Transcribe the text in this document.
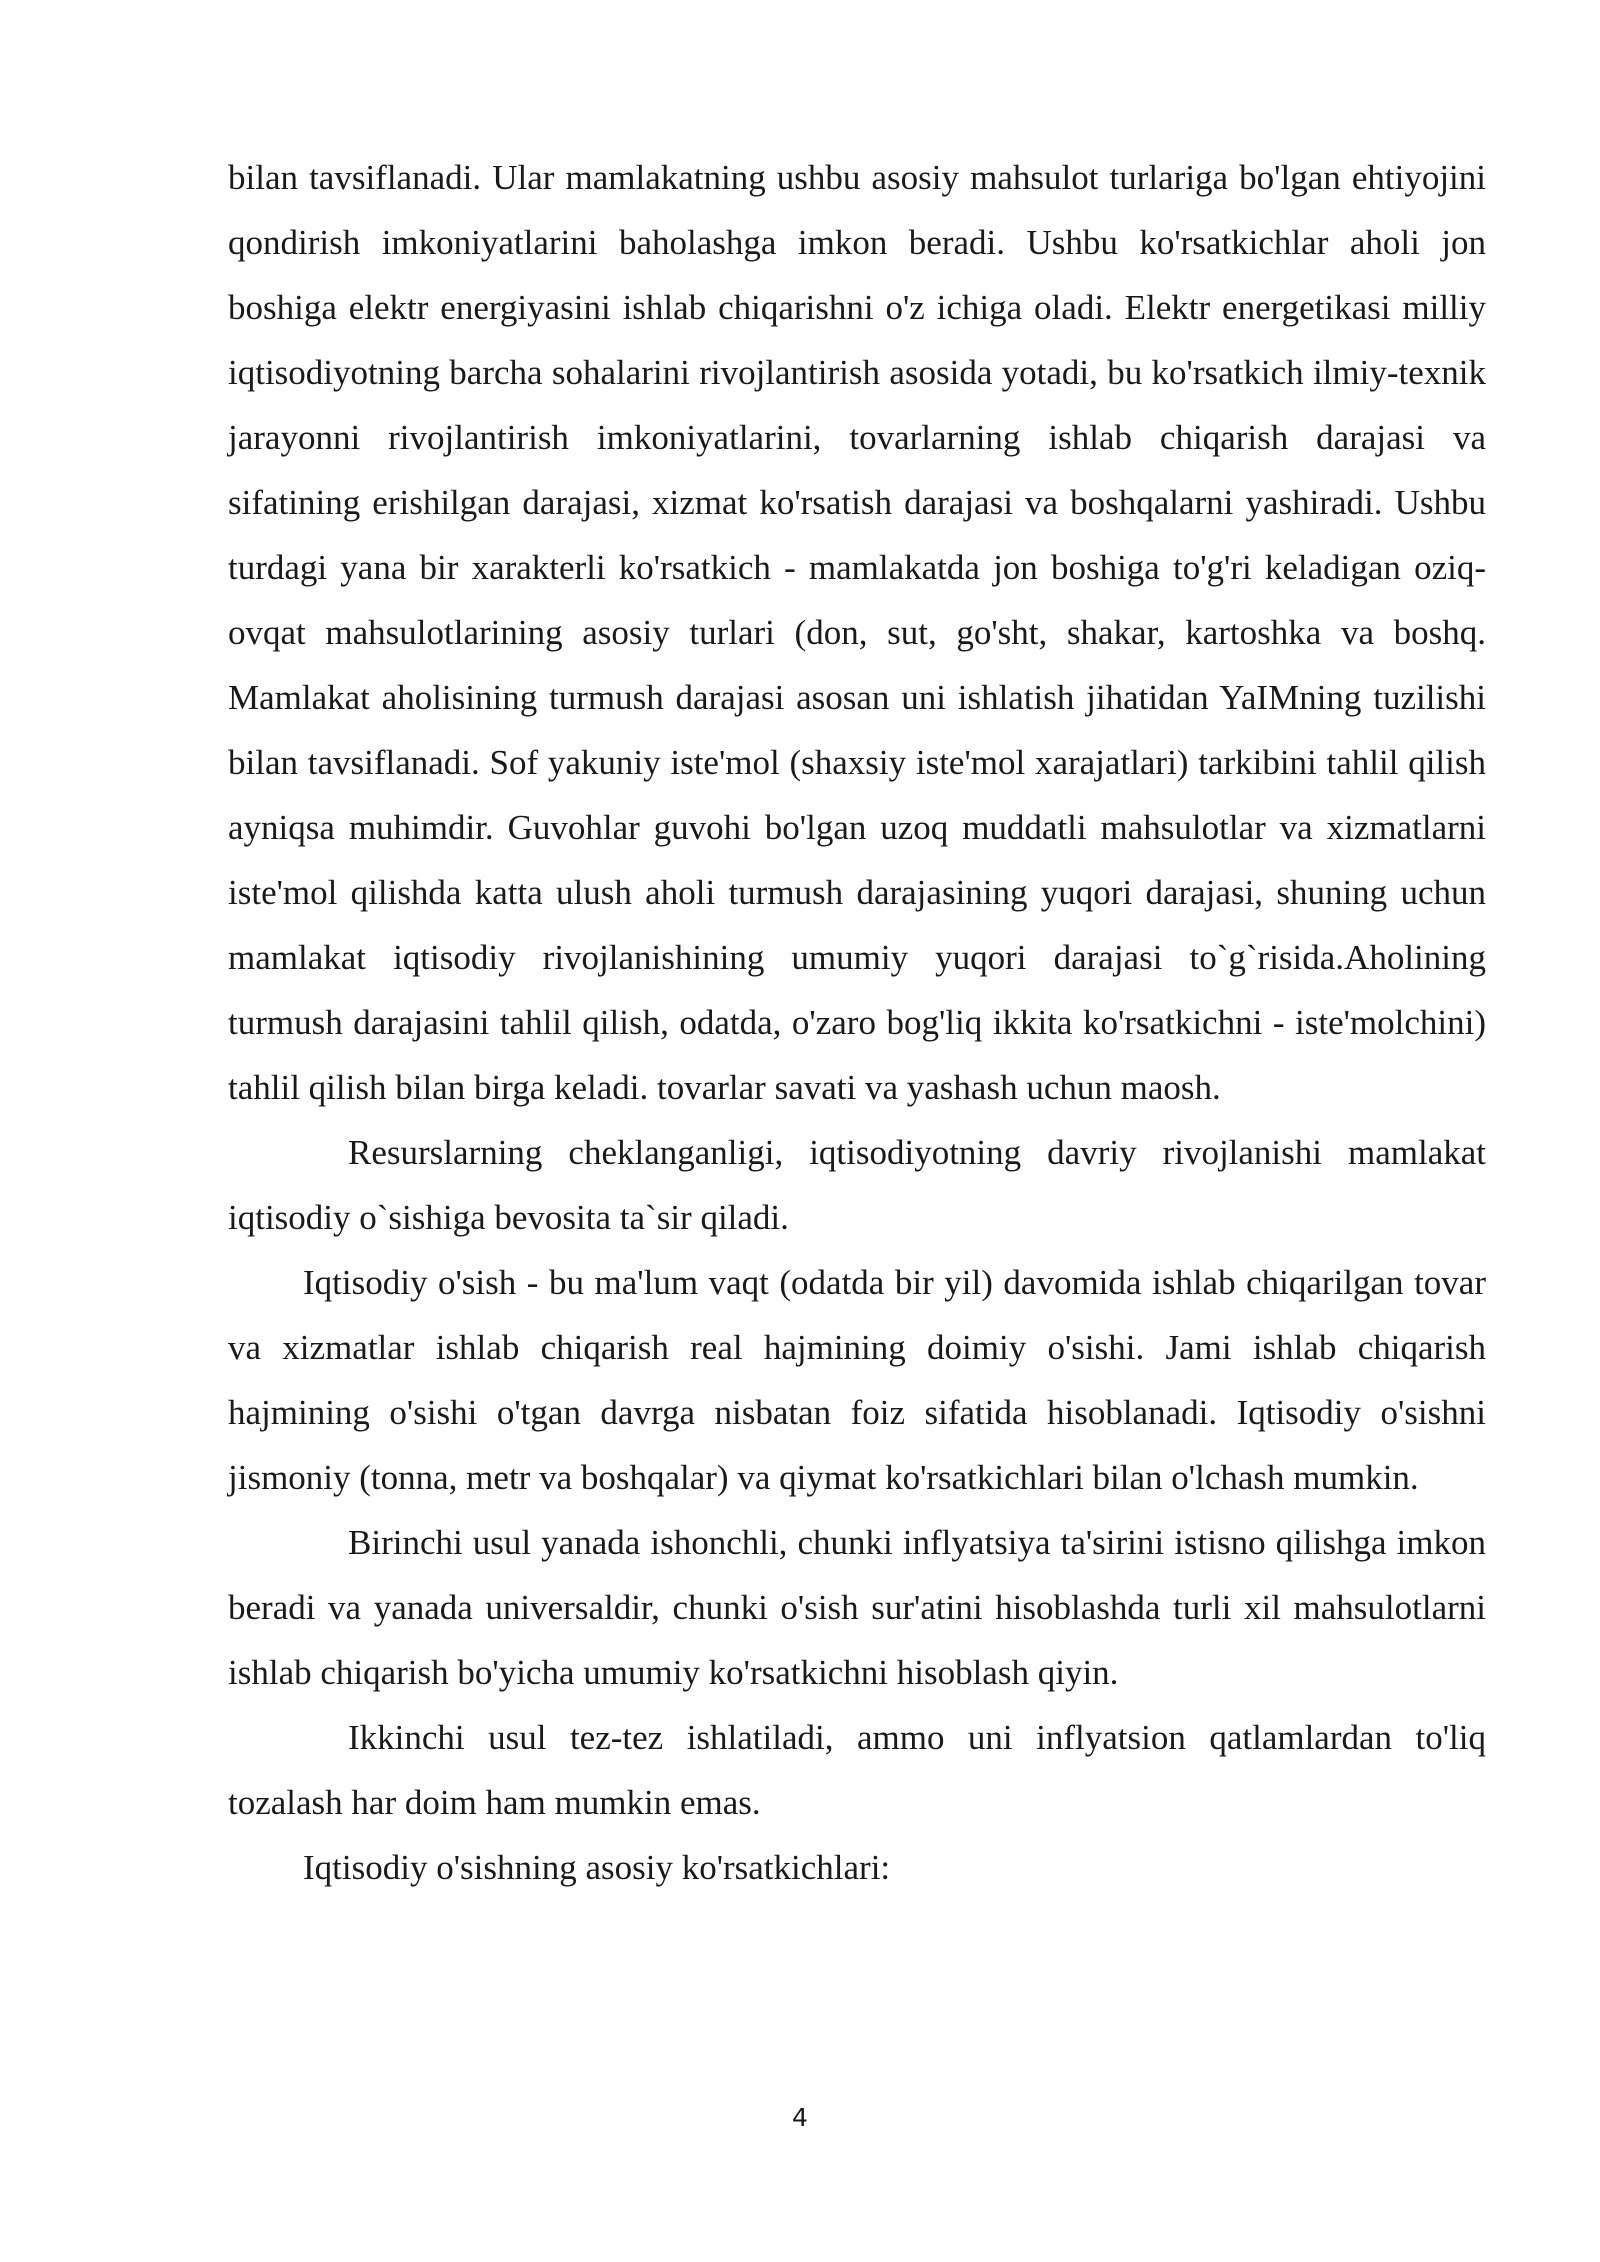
bilan tavsiflanadi. Ular mamlakatning ushbu asosiy mahsulot turlariga bo'lgan ehtiyojini qondirish imkoniyatlarini baholashga imkon beradi. Ushbu ko'rsatkichlar aholi jon boshiga elektr energiyasini ishlab chiqarishni o'z ichiga oladi. Elektr energetikasi milliy iqtisodiyotning barcha sohalarini rivojlantirish asosida yotadi, bu ko'rsatkich ilmiy-texnik jarayonni rivojlantirish imkoniyatlarini, tovarlarning ishlab chiqarish darajasi va sifatining erishilgan darajasi, xizmat ko'rsatish darajasi va boshqalarni yashiradi. Ushbu turdagi yana bir xarakterli ko'rsatkich - mamlakatda jon boshiga to'g'ri keladigan oziq-ovqat mahsulotlarining asosiy turlari (don, sut, go'sht, shakar, kartoshka va boshq. Mamlakat aholisining turmush darajasi asosan uni ishlatish jihatidan YaIMning tuzilishi bilan tavsiflanadi. Sof yakuniy iste'mol (shaxsiy iste'mol xarajatlari) tarkibini tahlil qilish ayniqsa muhimdir. Guvohlar guvohi bo'lgan uzoq muddatli mahsulotlar va xizmatlarni iste'mol qilishda katta ulush aholi turmush darajasining yuqori darajasi, shuning uchun mamlakat iqtisodiy rivojlanishining umumiy yuqori darajasi to`g`risida.Aholining turmush darajasini tahlil qilish, odatda, o'zaro bog'liq ikkita ko'rsatkichni - iste'molchini) tahlil qilish bilan birga keladi. tovarlar savati va yashash uchun maosh.

Resurslarning cheklanganligi, iqtisodiyotning davriy rivojlanishi mamlakat iqtisodiy o`sishiga bevosita ta`sir qiladi.

Iqtisodiy o'sish - bu ma'lum vaqt (odatda bir yil) davomida ishlab chiqarilgan tovar va xizmatlar ishlab chiqarish real hajmining doimiy o'sishi. Jami ishlab chiqarish hajmining o'sishi o'tgan davrga nisbatan foiz sifatida hisoblanadi. Iqtisodiy o'sishni jismoniy (tonna, metr va boshqalar) va qiymat ko'rsatkichlari bilan o'lchash mumkin.

Birinchi usul yanada ishonchli, chunki inflyatsiya ta'sirini istisno qilishga imkon beradi va yanada universaldir, chunki o'sish sur'atini hisoblashda turli xil mahsulotlarni ishlab chiqarish bo'yicha umumiy ko'rsatkichni hisoblash qiyin.

Ikkinchi usul tez-tez ishlatiladi, ammo uni inflyatsion qatlamlardan to'liq tozalash har doim ham mumkin emas.

Iqtisodiy o'sishning asosiy ko'rsatkichlari:

4
